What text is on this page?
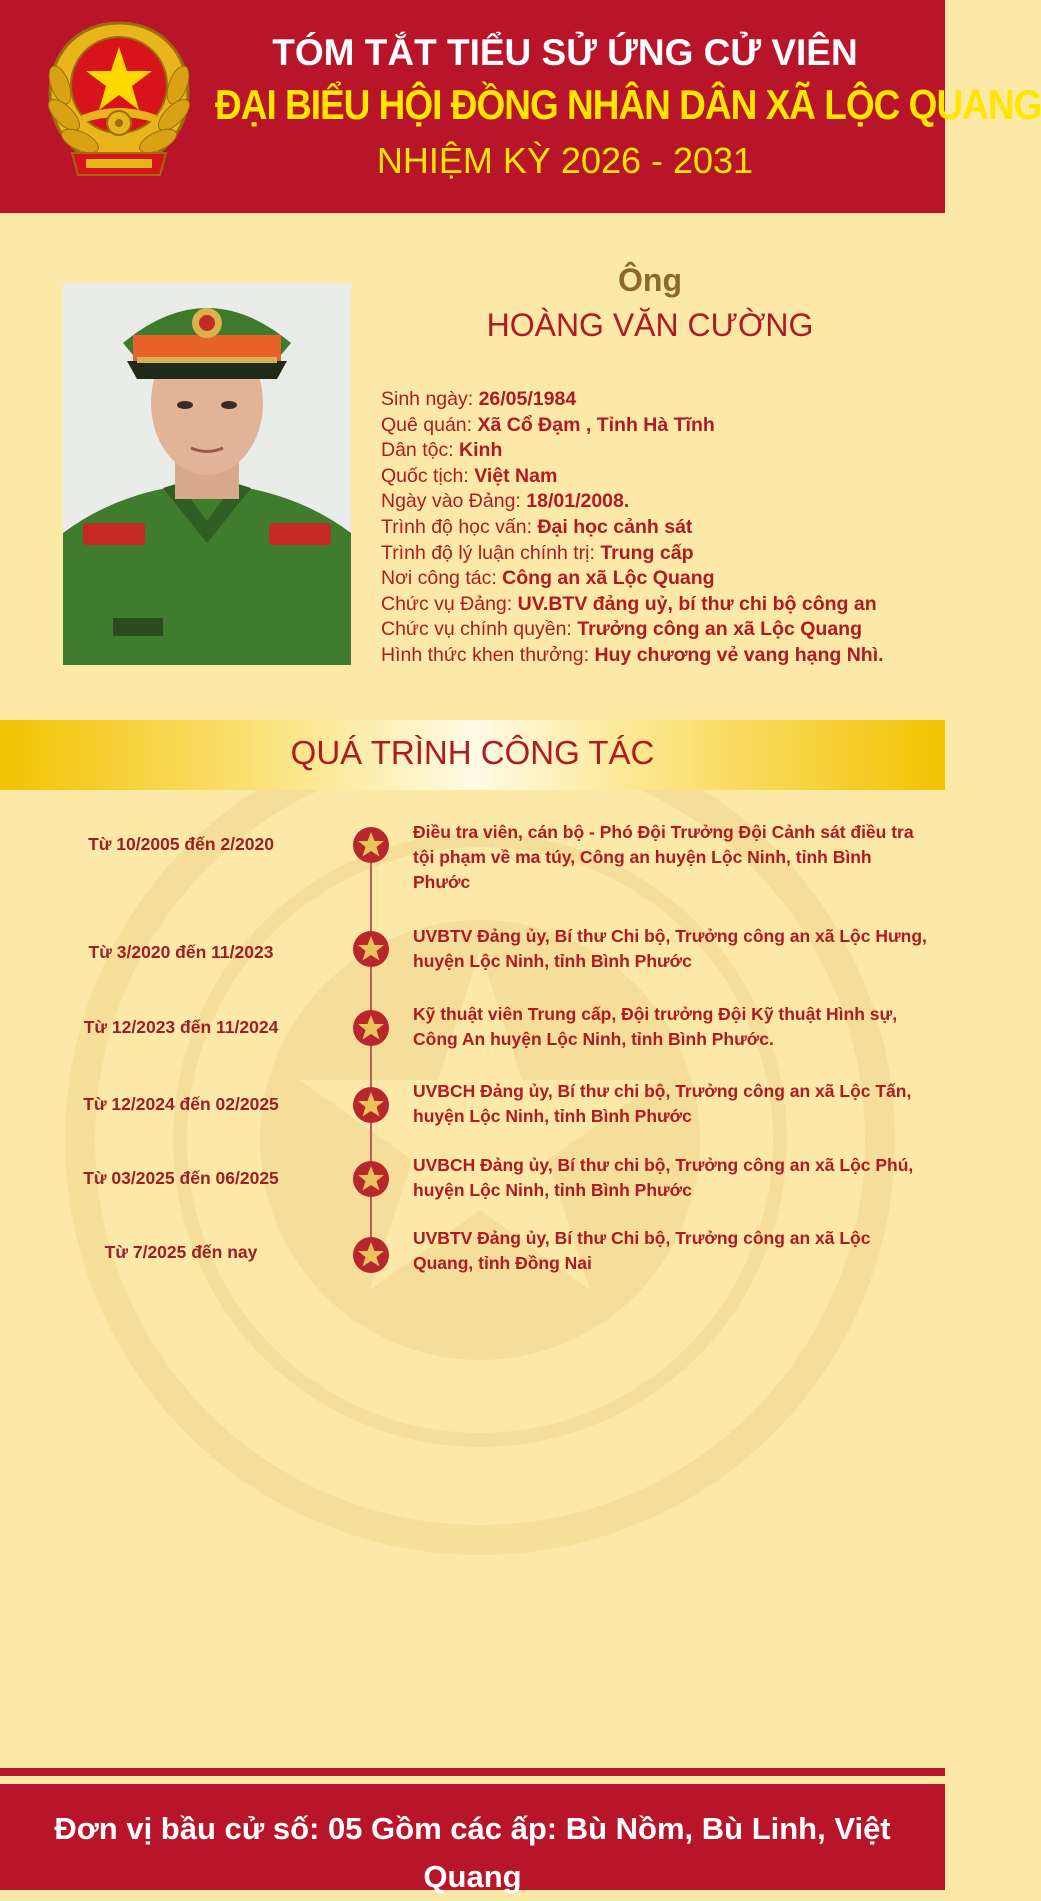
TÓM TẮT TIỂU SỬ ỨNG CỬ VIÊN
ĐẠI BIỂU HỘI ĐỒNG NHÂN DÂN XÃ LỘC QUANG
NHIỆM KỲ 2026 - 2031
Ông
HOÀNG VĂN CƯỜNG
Sinh ngày: 26/05/1984
Quê quán: Xã Cổ Đạm , Tỉnh Hà Tĩnh
Dân tộc: Kinh
Quốc tịch: Việt Nam
Ngày vào Đảng: 18/01/2008.
Trình độ học vấn: Đại học cảnh sát
Trình độ lý luận chính trị: Trung cấp
Nơi công tác: Công an xã Lộc Quang
Chức vụ Đảng: UV.BTV đảng uỷ, bí thư chi bộ công an
Chức vụ chính quyền: Trưởng công an xã Lộc Quang
Hình thức khen thưởng: Huy chương vẻ vang hạng Nhì.
QUÁ TRÌNH CÔNG TÁC
Từ 10/2005 đến 2/2020
Điều tra viên, cán bộ - Phó Đội Trưởng Đội Cảnh sát điều tra tội phạm về ma túy, Công an huyện Lộc Ninh, tỉnh Bình Phước
Từ 3/2020 đến 11/2023
UVBTV Đảng ủy, Bí thư Chi bộ, Trưởng công an xã Lộc Hưng, huyện Lộc Ninh, tỉnh Bình Phước
Từ 12/2023 đến 11/2024
Kỹ thuật viên Trung cấp, Đội trưởng Đội Kỹ thuật Hình sự, Công An huyện Lộc Ninh, tỉnh Bình Phước.
Từ 12/2024 đến 02/2025
UVBCH Đảng ủy, Bí thư chi bộ, Trưởng công an xã Lộc Tấn, huyện Lộc Ninh, tỉnh Bình Phước
Từ 03/2025 đến 06/2025
UVBCH Đảng ủy, Bí thư chi bộ, Trưởng công an xã Lộc Phú, huyện Lộc Ninh, tỉnh Bình Phước
Từ 7/2025 đến nay
UVBTV Đảng ủy, Bí thư Chi bộ, Trưởng công an xã Lộc Quang, tỉnh Đồng Nai
Đơn vị bầu cử số: 05 Gồm các ấp: Bù Nồm, Bù Linh, Việt Quang
